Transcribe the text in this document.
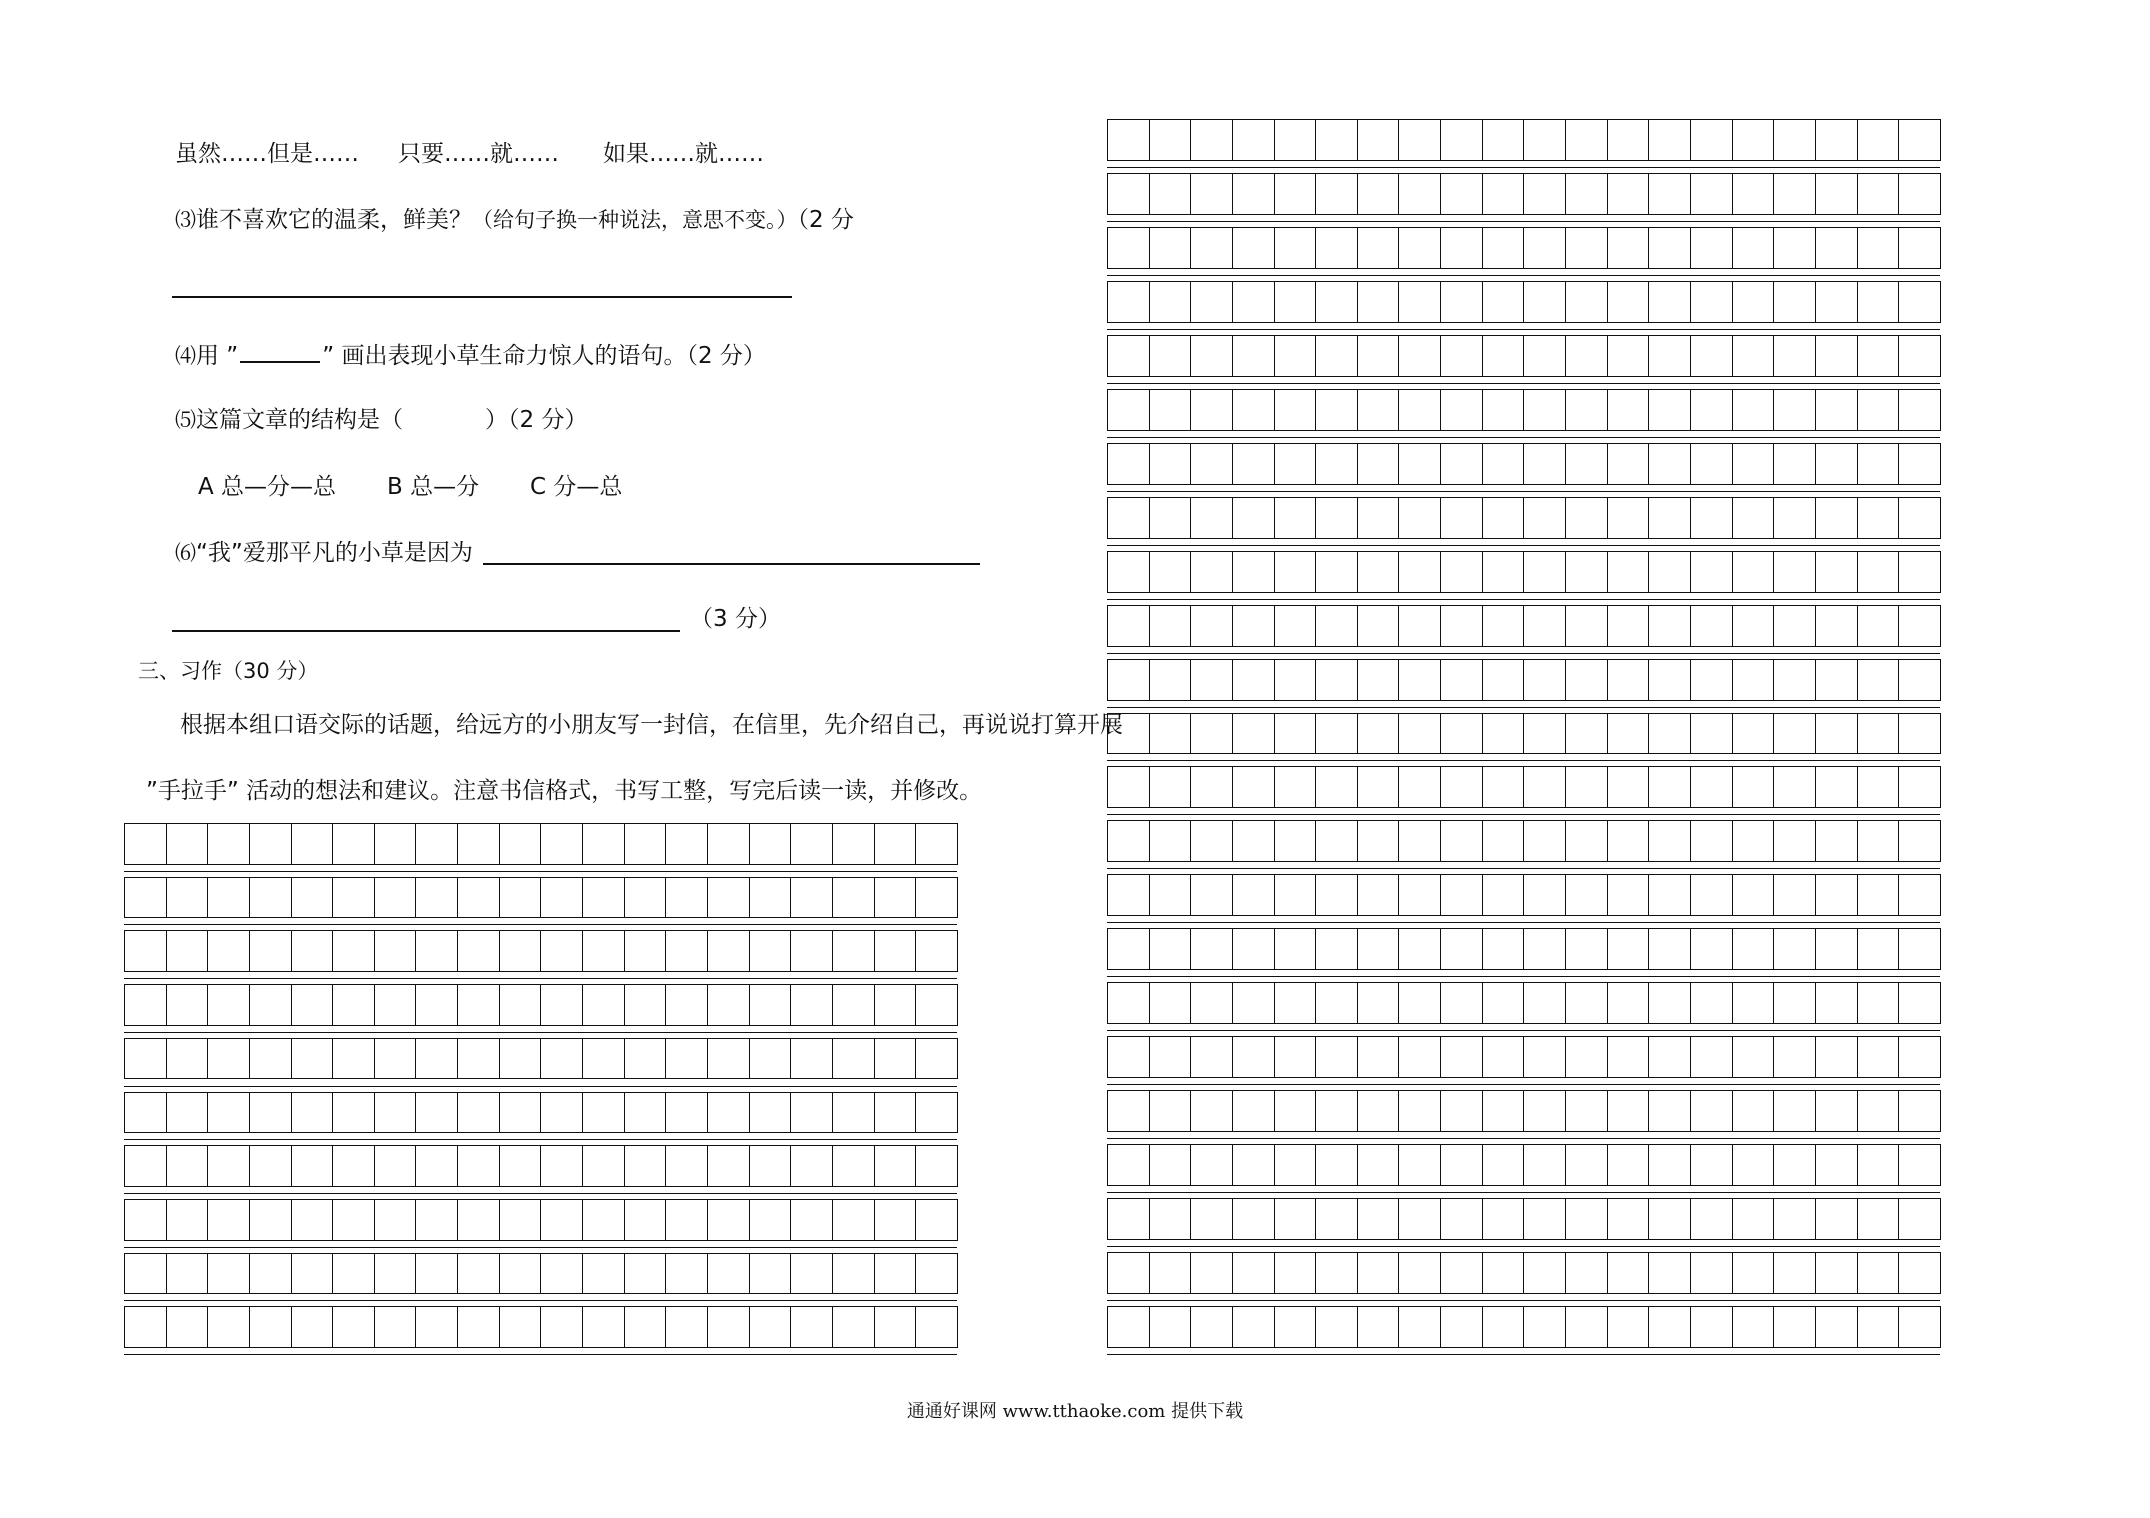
虽然……但是…… 只要……就…… 如果……就……
⑶谁不喜欢它的温柔，鲜美？（给句子换一种说法，意思不变。）（2 分
⑷用 ”	” 画出表现小草生命力惊人的语句。（2 分）
⑸这篇文章的结构是（	）（2 分）
A 总—分—总 B 总—分 C 分—总
⑹“我”爱那平凡的小草是因为
（3 分）
三、习作（30 分）
根据本组口语交际的话题，给远方的小朋友写一封信，在信里，先介绍自己，再说说打算开展
”手拉手” 活动的想法和建议。注意书信格式，书写工整，写完后读一读，并修改。
通通好课网 www.tthaoke.com 提供下载
